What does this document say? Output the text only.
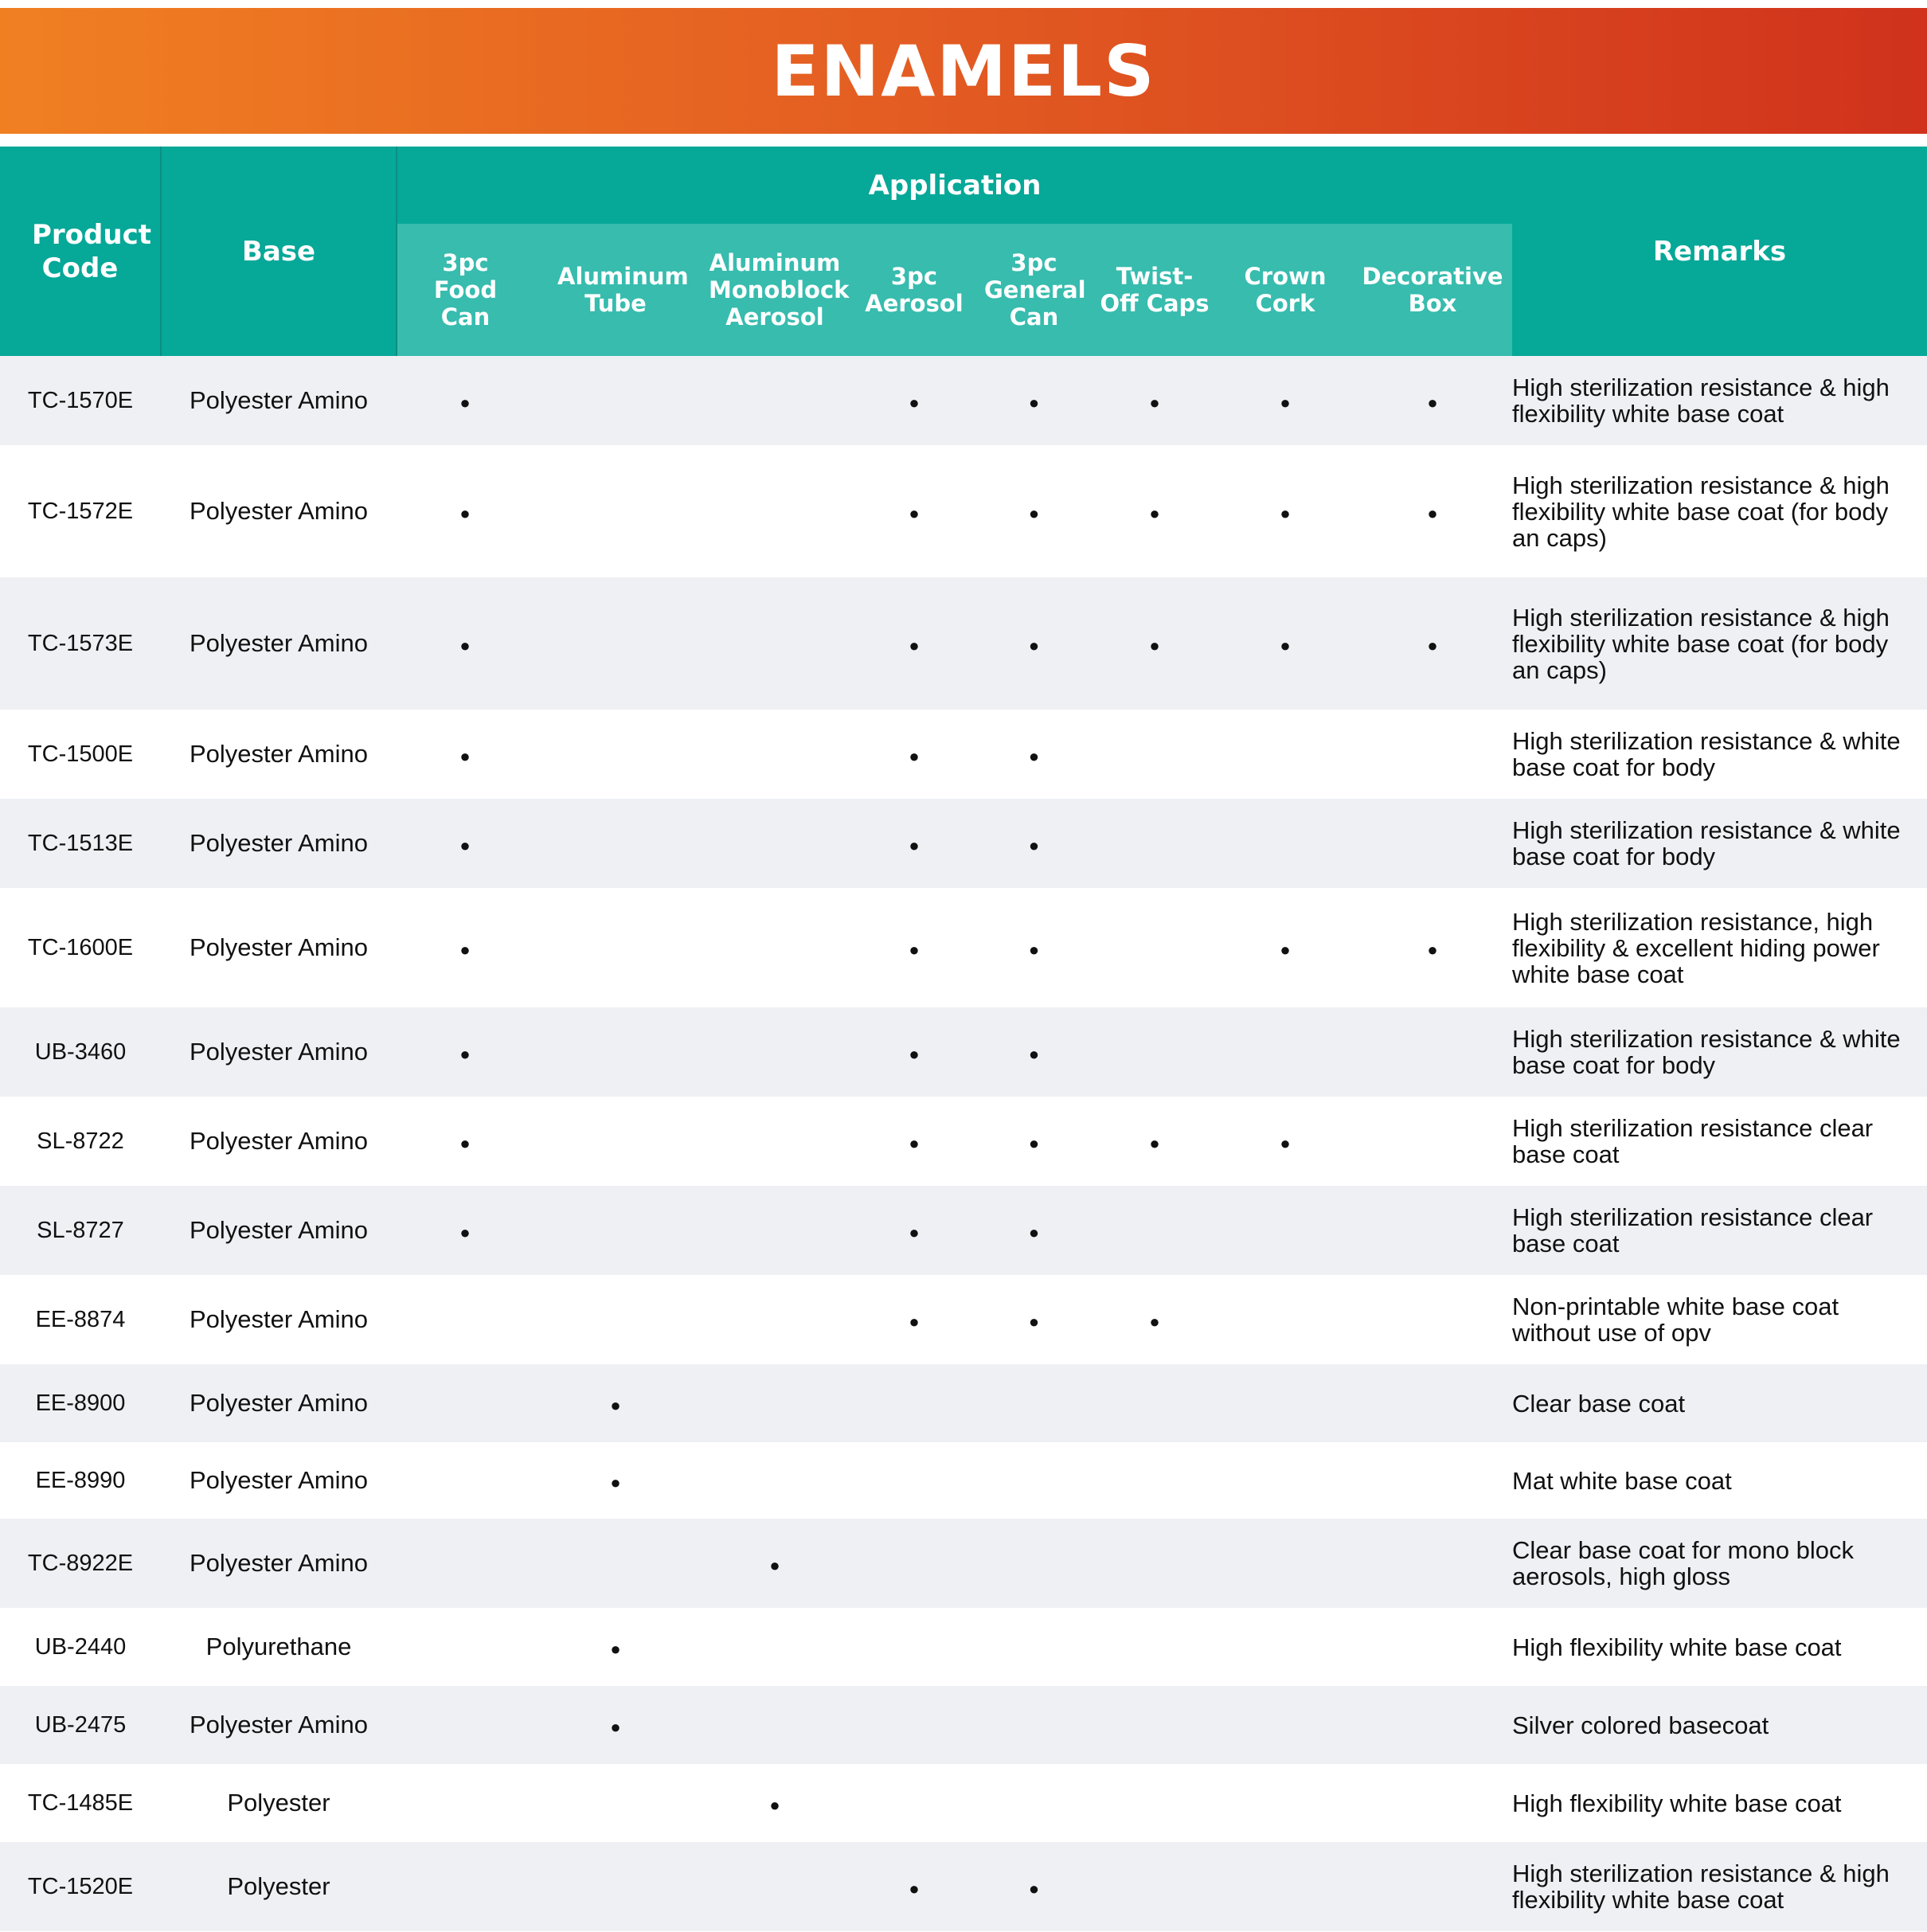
ENAMELS
Product Code	Base	Application								Remarks
		3pc Food Can	Aluminum Tube	Aluminum Monoblock Aerosol	3pc Aerosol	3pc General Can	Twist-Off Caps	Crown Cork	Decorative Box	
TC-1570E	Polyester Amino	●			●	●	●	●	●	High sterilization resistance & high flexibility white base coat
TC-1572E	Polyester Amino	●			●	●	●	●	●	High sterilization resistance & high flexibility white base coat (for body an caps)
TC-1573E	Polyester Amino	●			●	●	●	●	●	High sterilization resistance & high flexibility white base coat (for body an caps)
TC-1500E	Polyester Amino	●			●	●				High sterilization resistance & white base coat for body
TC-1513E	Polyester Amino	●			●	●				High sterilization resistance & white base coat for body
TC-1600E	Polyester Amino	●			●	●		●	●	High sterilization resistance, high flexibility & excellent hiding power white base coat
UB-3460	Polyester Amino	●			●	●				High sterilization resistance & white base coat for body
SL-8722	Polyester Amino	●			●	●	●	●		High sterilization resistance clear base coat
SL-8727	Polyester Amino	●			●	●				High sterilization resistance clear base coat
EE-8874	Polyester Amino				●	●	●			Non-printable white base coat without use of opv
EE-8900	Polyester Amino		●							Clear base coat
EE-8990	Polyester Amino		●							Mat white base coat
TC-8922E	Polyester Amino			●						Clear base coat for mono block aerosols, high gloss
UB-2440	Polyurethane		●							High flexibility white base coat
UB-2475	Polyester Amino		●							Silver colored basecoat
TC-1485E	Polyester			●						High flexibility white base coat
TC-1520E	Polyester				●	●				High sterilization resistance & high flexibility white base coat
